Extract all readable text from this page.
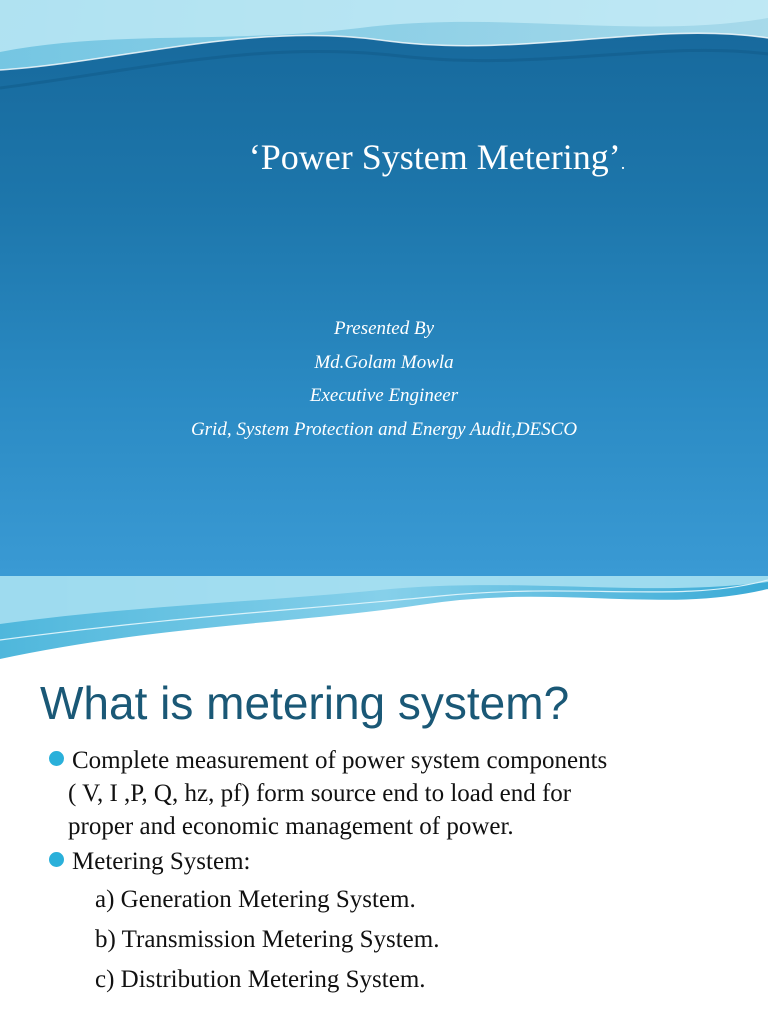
‘Power System Metering’.
Presented By
Md.Golam Mowla
Executive Engineer
Grid, System Protection and Energy Audit,DESCO
What is metering system?
Complete measurement of power system components
( V, I ,P, Q, hz, pf) form source end to load end for
proper and economic management of power.
Metering System:
a) Generation Metering System.
b) Transmission Metering System.
c) Distribution Metering System.
